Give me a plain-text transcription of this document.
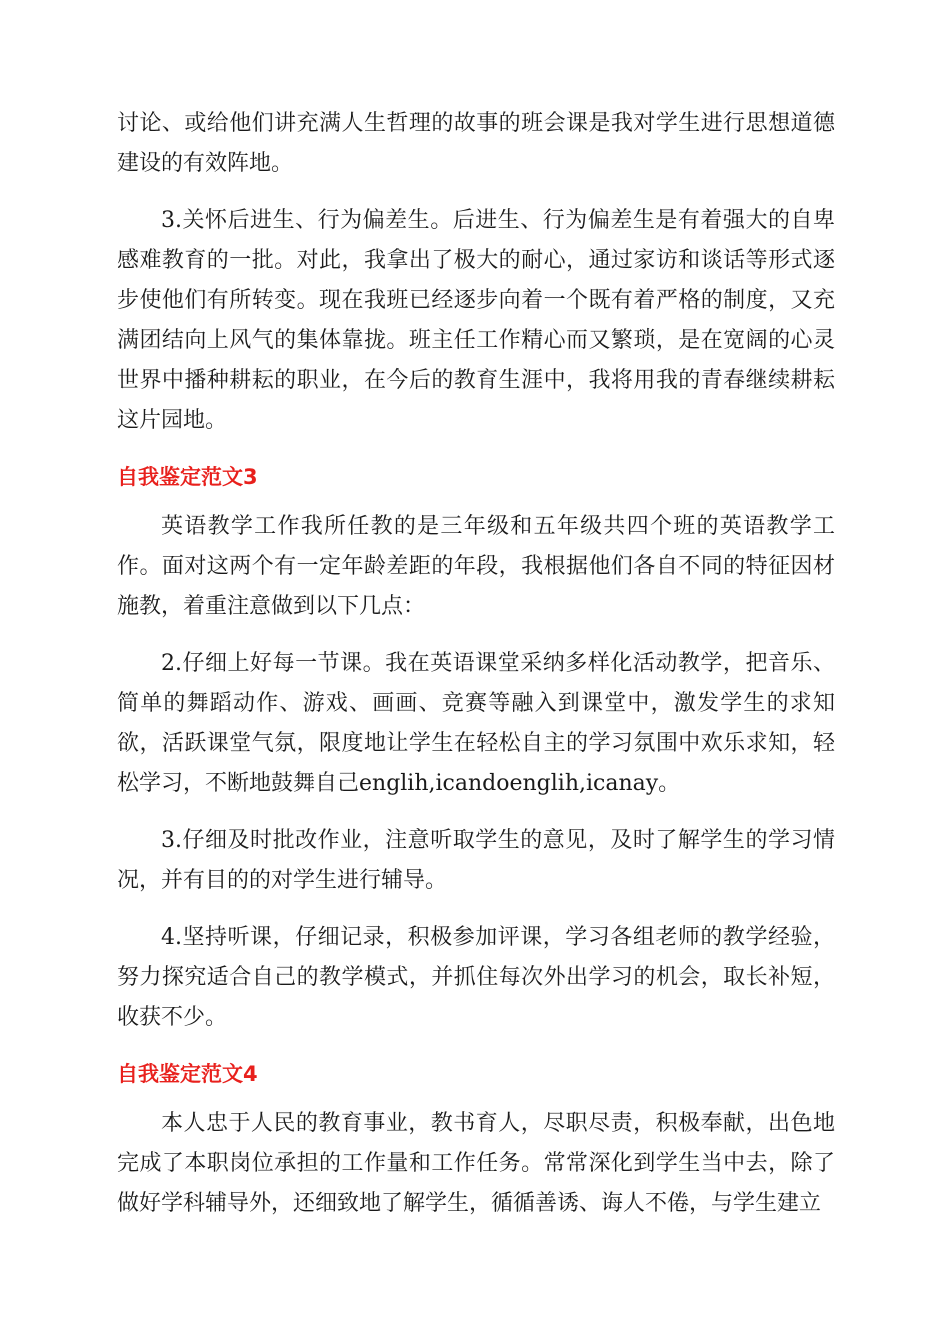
讨论、或给他们讲充满人生哲理的故事的班会课是我对学生进行思想道德建设的有效阵地。

3.关怀后进生、行为偏差生。后进生、行为偏差生是有着强大的自卑感难教育的一批。对此，我拿出了极大的耐心，通过家访和谈话等形式逐步使他们有所转变。现在我班已经逐步向着一个既有着严格的制度，又充满团结向上风气的集体靠拢。班主任工作精心而又繁琐，是在宽阔的心灵世界中播种耕耘的职业，在今后的教育生涯中，我将用我的青春继续耕耘这片园地。

自我鉴定范文3

英语教学工作我所任教的是三年级和五年级共四个班的英语教学工作。面对这两个有一定年龄差距的年段，我根据他们各自不同的特征因材施教，着重注意做到以下几点：

2.仔细上好每一节课。我在英语课堂采纳多样化活动教学，把音乐、简单的舞蹈动作、游戏、画画、竞赛等融入到课堂中，激发学生的求知欲，活跃课堂气氛，限度地让学生在轻松自主的学习氛围中欢乐求知，轻松学习，不断地鼓舞自己englih,icandoenglih,icanay。

3.仔细及时批改作业，注意听取学生的意见，及时了解学生的学习情况，并有目的的对学生进行辅导。

4.坚持听课，仔细记录，积极参加评课，学习各组老师的教学经验，努力探究适合自己的教学模式，并抓住每次外出学习的机会，取长补短，收获不少。

自我鉴定范文4

本人忠于人民的教育事业，教书育人，尽职尽责，积极奉献，出色地完成了本职岗位承担的工作量和工作任务。常常深化到学生当中去，除了做好学科辅导外，还细致地了解学生，循循善诱、诲人不倦，与学生建立
